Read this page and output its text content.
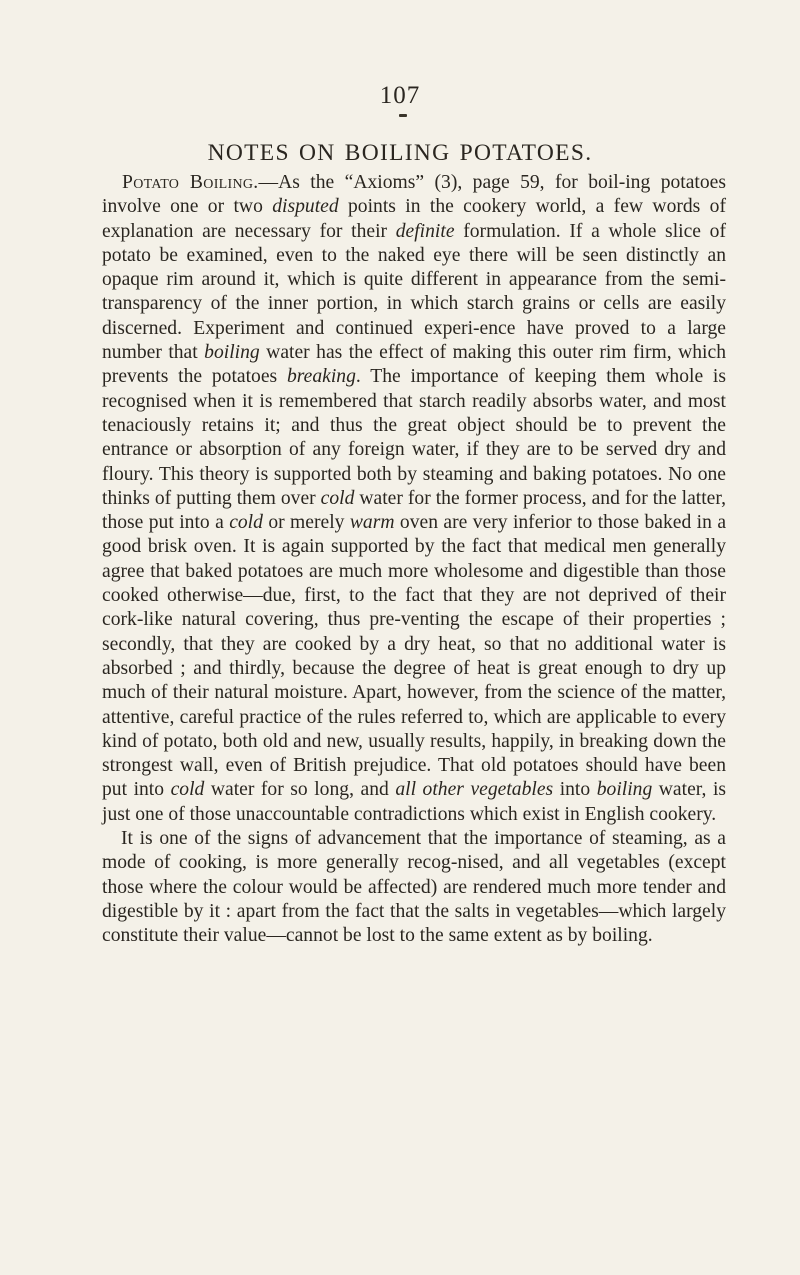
107
NOTES ON BOILING POTATOES.

Potato Boiling.—As the “Axioms” (3), page 59, for boil-ing potatoes involve one or two disputed points in the cookery world, a few words of explanation are necessary for their definite formulation. If a whole slice of potato be examined, even to the naked eye there will be seen distinctly an opaque rim around it, which is quite different in appearance from the semi-transparency of the inner portion, in which starch grains or cells are easily discerned. Experiment and continued experi-ence have proved to a large number that boiling water has the effect of making this outer rim firm, which prevents the potatoes breaking. The importance of keeping them whole is recognised when it is remembered that starch readily absorbs water, and most tenaciously retains it; and thus the great object should be to prevent the entrance or absorption of any foreign water, if they are to be served dry and floury. This theory is supported both by steaming and baking potatoes. No one thinks of putting them over cold water for the former process, and for the latter, those put into a cold or merely warm oven are very inferior to those baked in a good brisk oven. It is again supported by the fact that medical men generally agree that baked potatoes are much more wholesome and digestible than those cooked otherwise—due, first, to the fact that they are not deprived of their cork-like natural covering, thus pre-venting the escape of their properties ; secondly, that they are cooked by a dry heat, so that no additional water is absorbed ; and thirdly, because the degree of heat is great enough to dry up much of their natural moisture. Apart, however, from the science of the matter, attentive, careful practice of the rules referred to, which are applicable to every kind of potato, both old and new, usually results, happily, in breaking down the strongest wall, even of British prejudice. That old potatoes should have been put into cold water for so long, and all other vegetables into boiling water, is just one of those unaccountable contradictions which exist in English cookery.

It is one of the signs of advancement that the importance of steaming, as a mode of cooking, is more generally recog-nised, and all vegetables (except those where the colour would be affected) are rendered much more tender and digestible by it : apart from the fact that the salts in vegetables—which largely constitute their value—cannot be lost to the same extent as by boiling.
